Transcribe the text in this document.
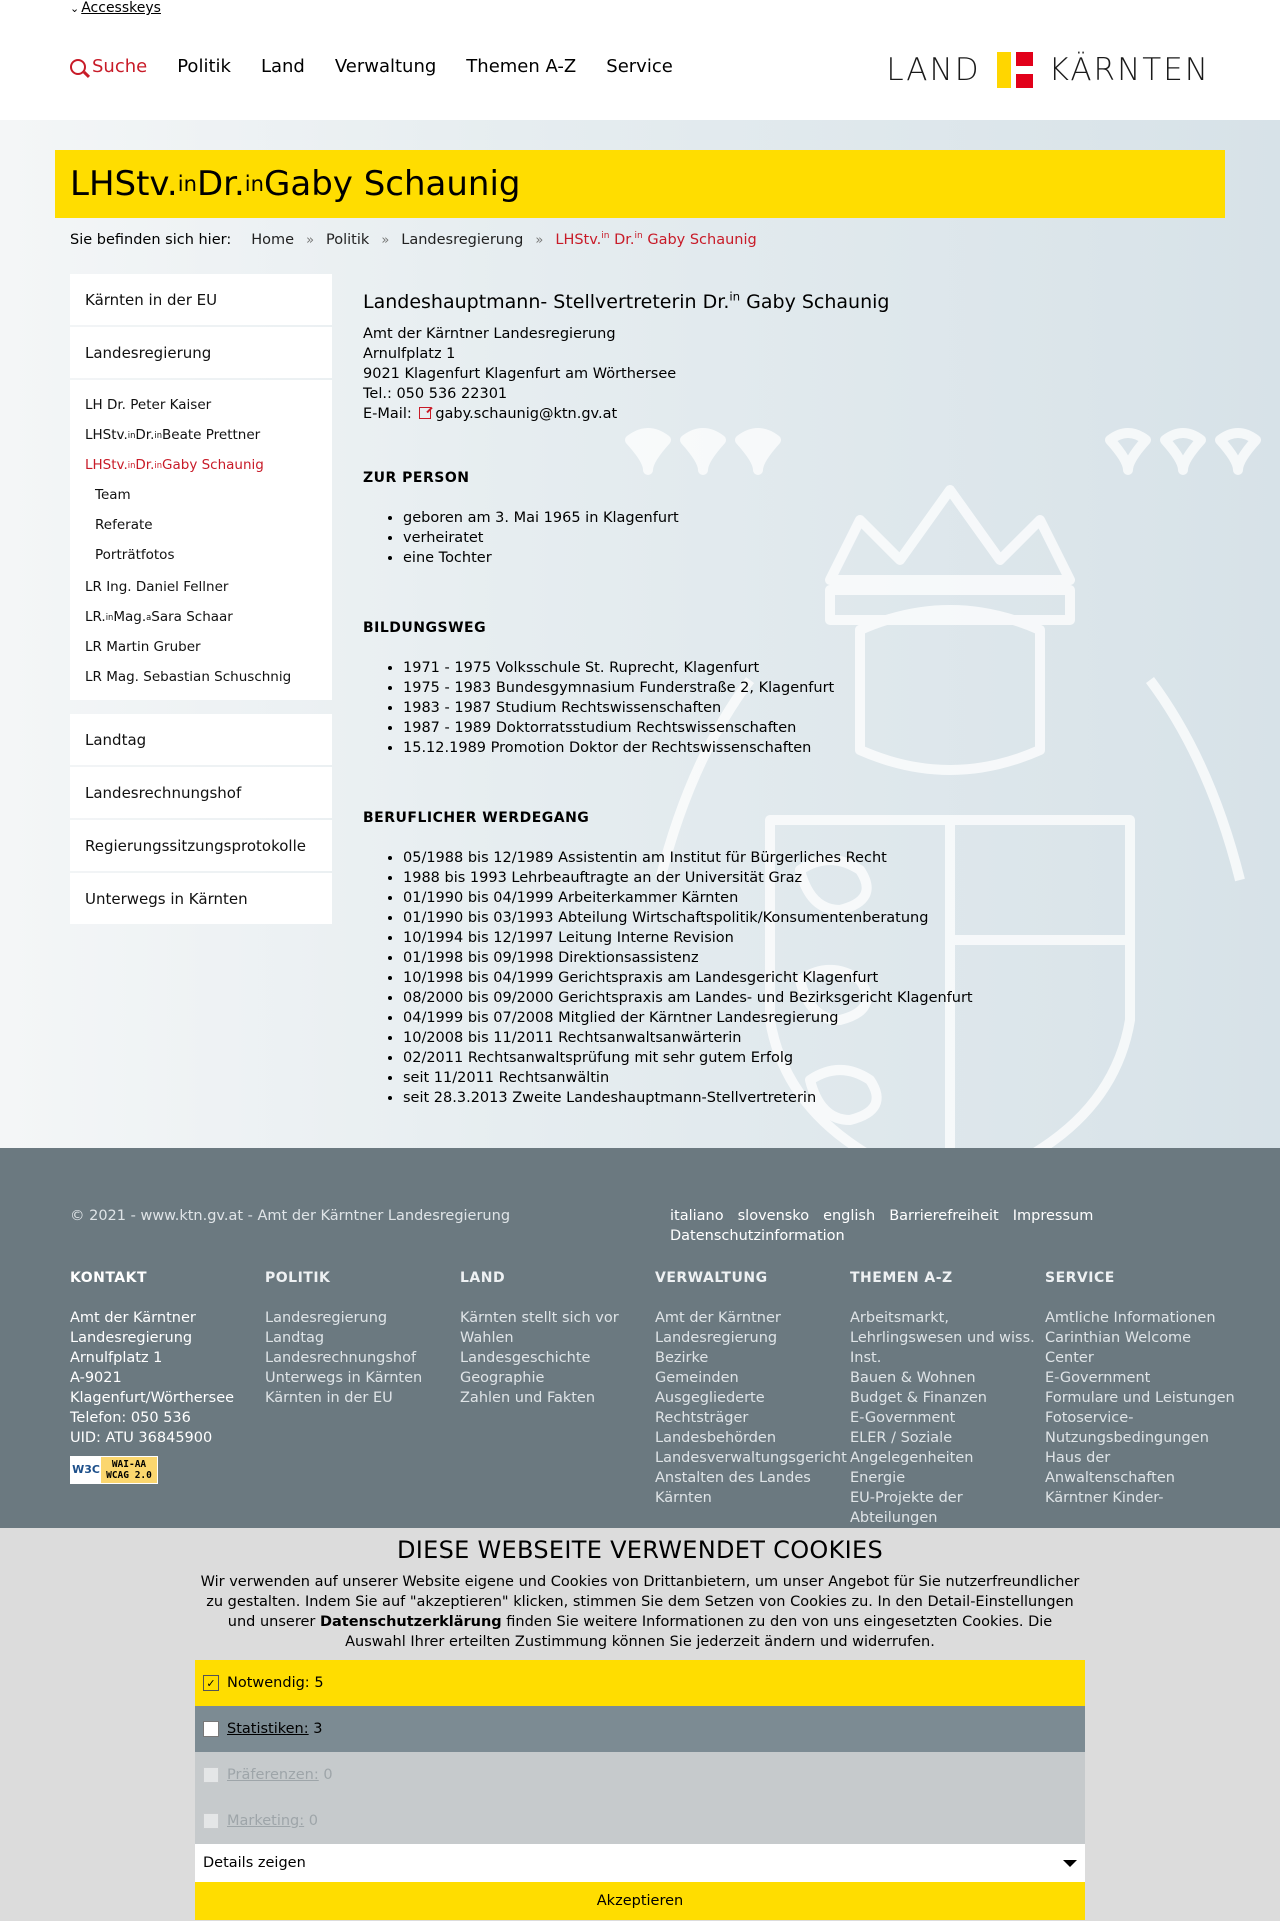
⌄ Accesskeys
Suche Politik Land Verwaltung Themen A-Z Service	LAND KÄRNTEN
LHStv. in Dr. in Gaby Schaunig
Sie befinden sich hier: Home » Politik » Landesregierung » LHStv.$^{in}$ Dr.$^{in}$ Gaby Schaunig
Kärnten in der EU
Landesregierung
LH Dr. Peter Kaiser
LHStv. in Dr. in Beate Prettner
LHStv. in Dr. in Gaby Schaunig
Team
Referate
Porträtfotos
LR Ing. Daniel Fellner
LR. in Mag. a Sara Schaar
LR Martin Gruber
LR Mag. Sebastian Schuschnig
Landtag
Landesrechnungshof
Regierungssitzungsprotokolle
Unterwegs in Kärnten
Landeshauptmann- Stellvertreterin Dr.$^{in}$ Gaby Schaunig
Amt der Kärntner Landesregierung
Arnulfplatz 1
9021 Klagenfurt Klagenfurt am Wörthersee
Tel.: 050 536 22301
E-Mail: gaby.schaunig@ktn.gv.at
ZUR PERSON
• geboren am 3. Mai 1965 in Klagenfurt
• verheiratet
• eine Tochter
BILDUNGSWEG
• 1971 - 1975 Volksschule St. Ruprecht, Klagenfurt
• 1975 - 1983 Bundesgymnasium Funderstraße 2, Klagenfurt
• 1983 - 1987 Studium Rechtswissenschaften
• 1987 - 1989 Doktorratsstudium Rechtswissenschaften
• 15.12.1989 Promotion Doktor der Rechtswissenschaften
BERUFLICHER WERDEGANG
• 05/1988 bis 12/1989 Assistentin am Institut für Bürgerliches Recht
• 1988 bis 1993 Lehrbeauftragte an der Universität Graz
• 01/1990 bis 04/1999 Arbeiterkammer Kärnten
• 01/1990 bis 03/1993 Abteilung Wirtschaftspolitik/Konsumentenberatung
• 10/1994 bis 12/1997 Leitung Interne Revision
• 01/1998 bis 09/1998 Direktionsassistenz
• 10/1998 bis 04/1999 Gerichtspraxis am Landesgericht Klagenfurt
• 08/2000 bis 09/2000 Gerichtspraxis am Landes- und Bezirksgericht Klagenfurt
• 04/1999 bis 07/2008 Mitglied der Kärntner Landesregierung
• 10/2008 bis 11/2011 Rechtsanwaltsanwärterin
• 02/2011 Rechtsanwaltsprüfung mit sehr gutem Erfolg
• seit 11/2011 Rechtsanwältin
• seit 28.3.2013 Zweite Landeshauptmann-Stellvertreterin
© 2021 - www.ktn.gv.at - Amt der Kärntner Landesregierung	italiano slovensko english Barrierefreiheit Impressum
Datenschutzinformation
KONTAKT
Amt der Kärntner Landesregierung
Arnulfplatz 1
A-9021 Klagenfurt/Wörthersee
Telefon: 050 536
UID: ATU 36845900
W3C WAI-AA
WCAG 2.0
POLITIK
Landesregierung
Landtag
Landesrechnungshof
Unterwegs in Kärnten
Kärnten in der EU
LAND
Kärnten stellt sich vor
Wahlen
Landesgeschichte
Geographie
Zahlen und Fakten
VERWALTUNG
Amt der Kärntner Landesregierung
Bezirke
Gemeinden
Ausgegliederte Rechtsträger
Landesbehörden
Landesverwaltungsgericht
Anstalten des Landes Kärnten
THEMEN A-Z
Arbeitsmarkt, Lehrlingswesen und wiss. Inst.
Bauen & Wohnen
Budget & Finanzen
E-Government
ELER / Soziale Angelegenheiten
Energie
EU-Projekte der Abteilungen
SERVICE
Amtliche Informationen
Carinthian Welcome Center
E-Government
Formulare und Leistungen
Fotoservice-Nutzungsbedingungen
Haus der Anwaltenschaften
Kärntner Kinder-
DIESE WEBSEITE VERWENDET COOKIES

Wir verwenden auf unserer Website eigene und Cookies von Drittanbietern, um unser Angebot für Sie nutzerfreundlicher zu gestalten. Indem Sie auf "akzeptieren" klicken, stimmen Sie dem Setzen von Cookies zu. In den Detail-Einstellungen und unserer Datenschutzerklärung finden Sie weitere Informationen zu den von uns eingesetzten Cookies. Die Auswahl Ihrer erteilten Zustimmung können Sie jederzeit ändern und widerrufen.

✓ Notwendig:
5
Statistiken:
3
Präferenzen:
0
Marketing:
0
Details zeigen
Akzeptieren
